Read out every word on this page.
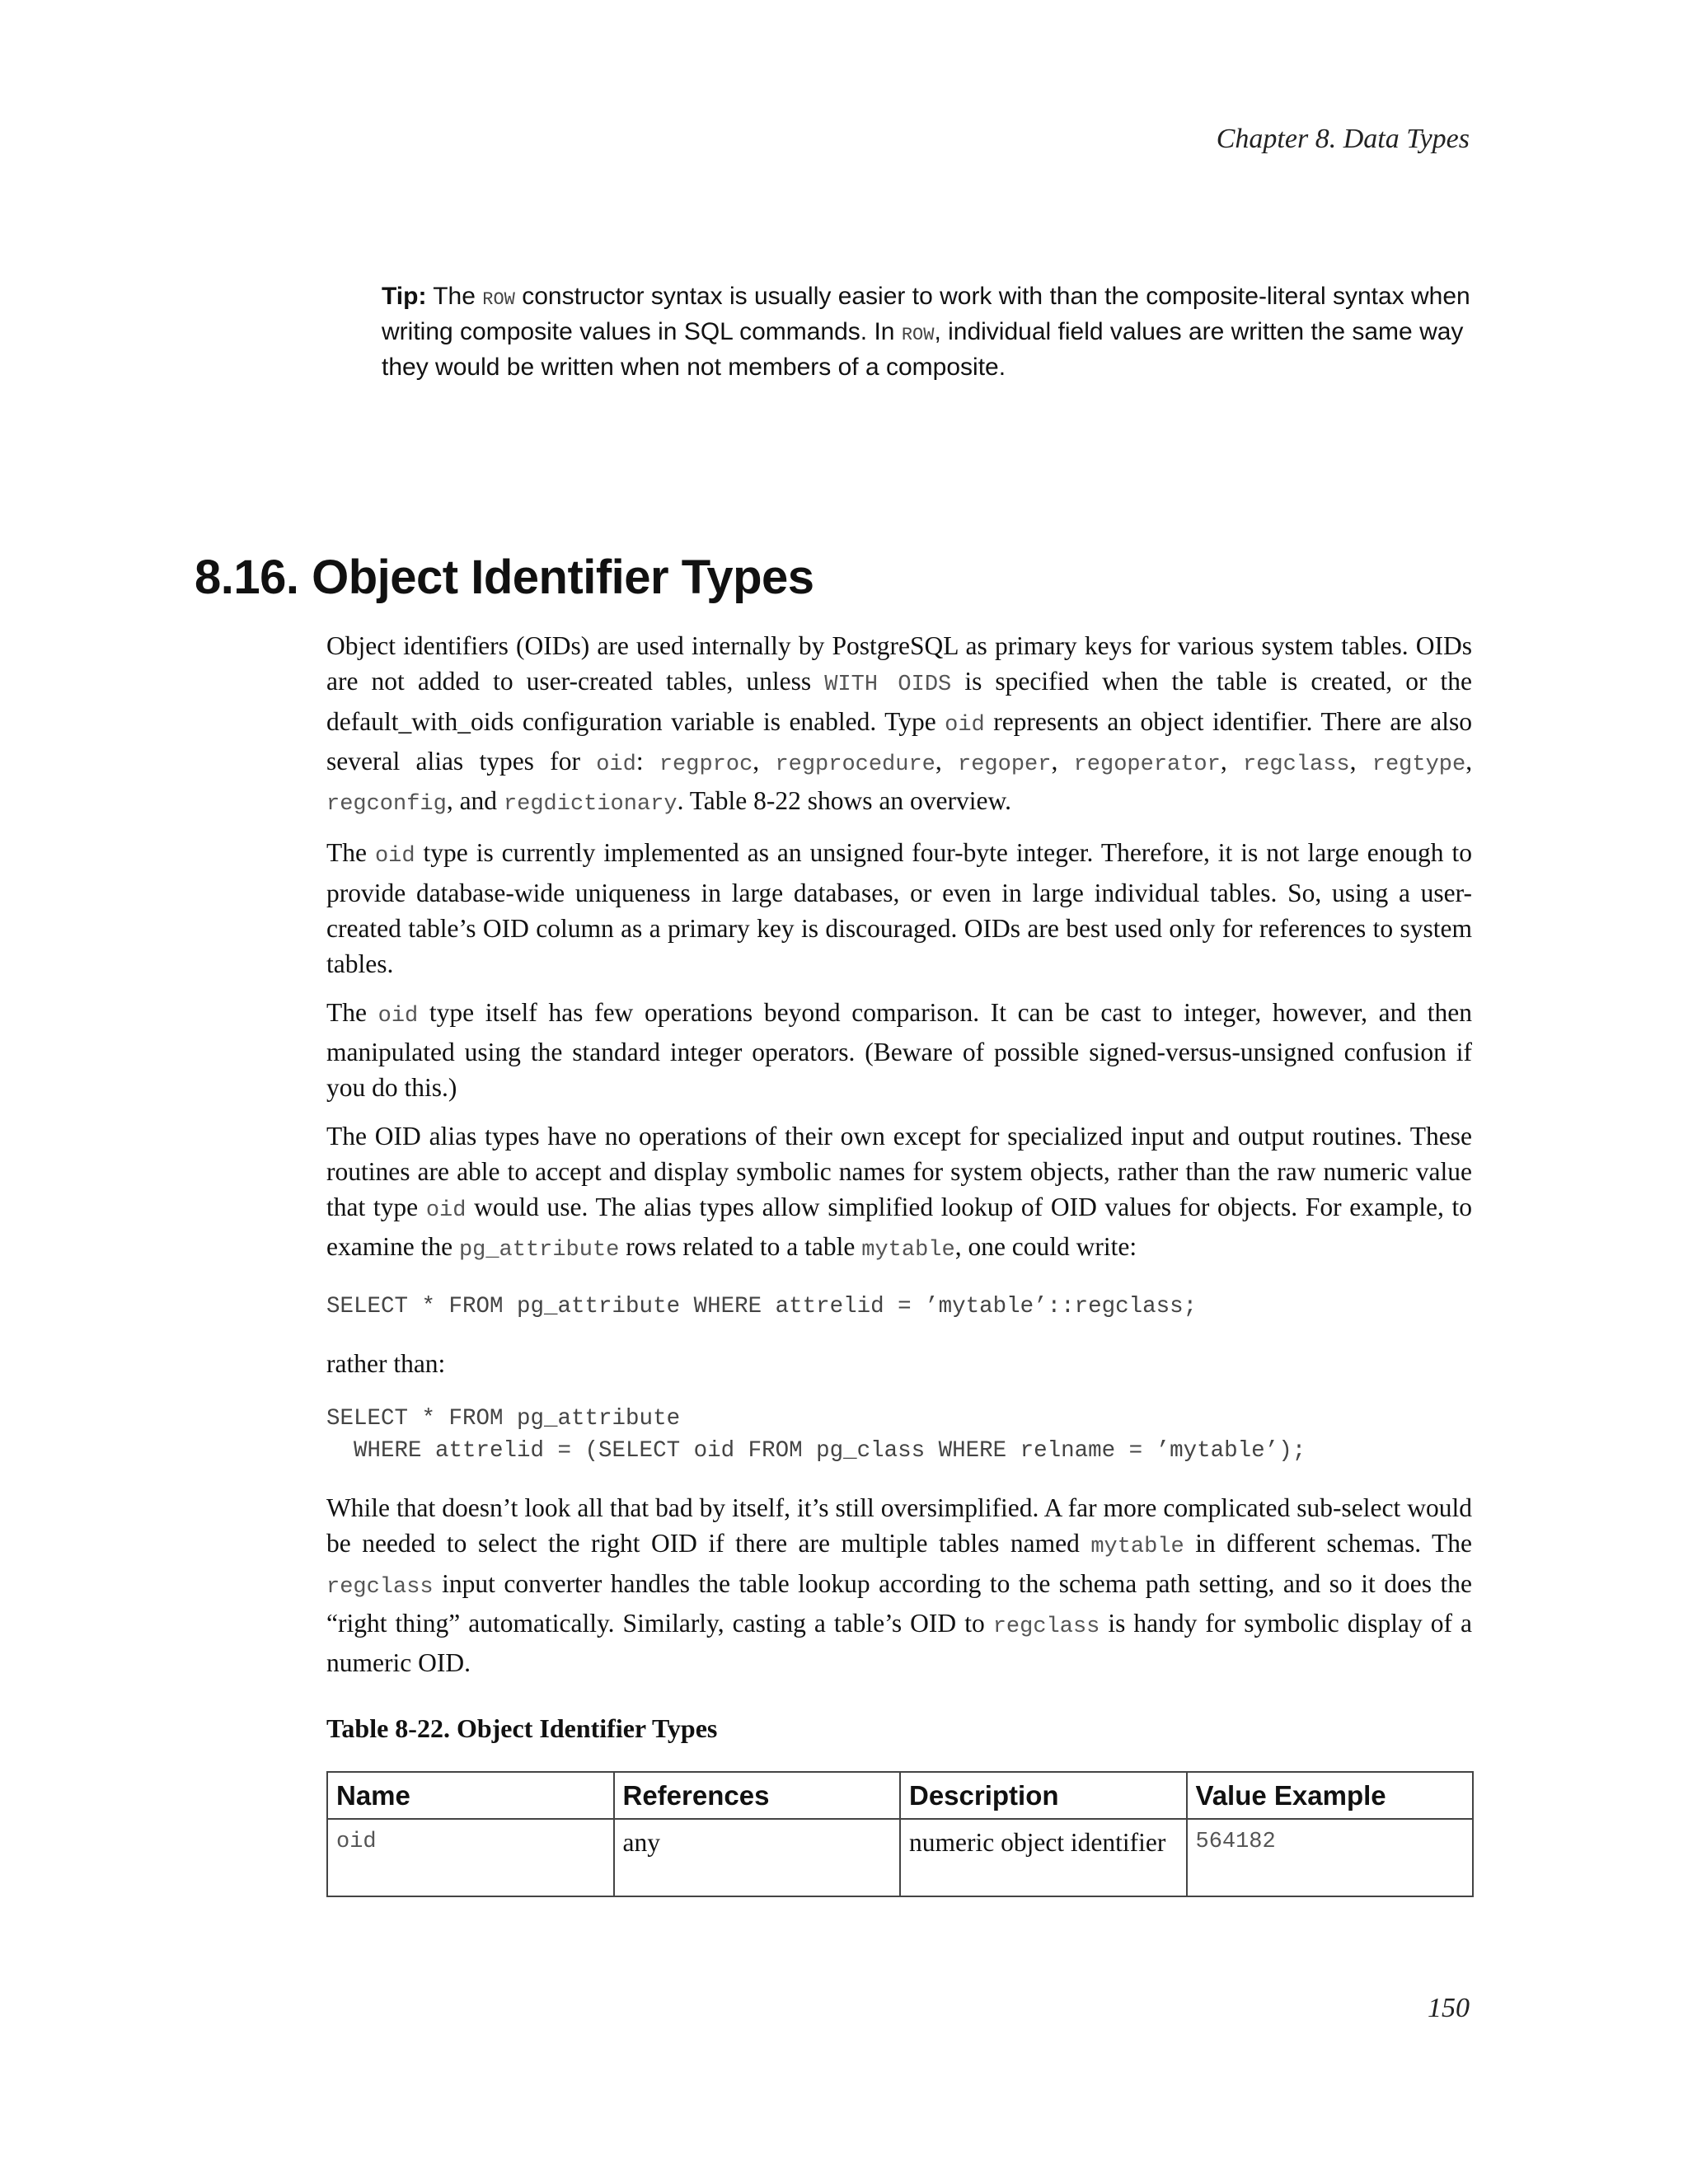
Chapter 8. Data Types
Tip: The ROW constructor syntax is usually easier to work with than the composite-literal syntax when writing composite values in SQL commands. In ROW, individual field values are written the same way they would be written when not members of a composite.
8.16. Object Identifier Types

Object identifiers (OIDs) are used internally by PostgreSQL as primary keys for various system tables. OIDs are not added to user-created tables, unless WITH OIDS is specified when the table is created, or the default_with_oids configuration variable is enabled. Type oid represents an object identifier. There are also several alias types for oid: regproc, regprocedure, regoper, regoperator, regclass, regtype, regconfig, and regdictionary. Table 8-22 shows an overview.

The oid type is currently implemented as an unsigned four-byte integer. Therefore, it is not large enough to provide database-wide uniqueness in large databases, or even in large individual tables. So, using a user-created table’s OID column as a primary key is discouraged. OIDs are best used only for references to system tables.

The oid type itself has few operations beyond comparison. It can be cast to integer, however, and then manipulated using the standard integer operators. (Beware of possible signed-versus-unsigned confusion if you do this.)

The OID alias types have no operations of their own except for specialized input and output routines. These routines are able to accept and display symbolic names for system objects, rather than the raw numeric value that type oid would use. The alias types allow simplified lookup of OID values for objects. For example, to examine the pg_attribute rows related to a table mytable, one could write:

SELECT * FROM pg_attribute WHERE attrelid = ’mytable’::regclass;

rather than:

SELECT * FROM pg_attribute
WHERE attrelid = (SELECT oid FROM pg_class WHERE relname = ’mytable’);

While that doesn’t look all that bad by itself, it’s still oversimplified. A far more complicated sub-select would be needed to select the right OID if there are multiple tables named mytable in different schemas. The regclass input converter handles the table lookup according to the schema path setting, and so it does the “right thing” automatically. Similarly, casting a table’s OID to regclass is handy for symbolic display of a numeric OID.

Table 8-22. Object Identifier Types
Name	References	Description	Value Example
oid	any	numeric object identifier	564182
150
